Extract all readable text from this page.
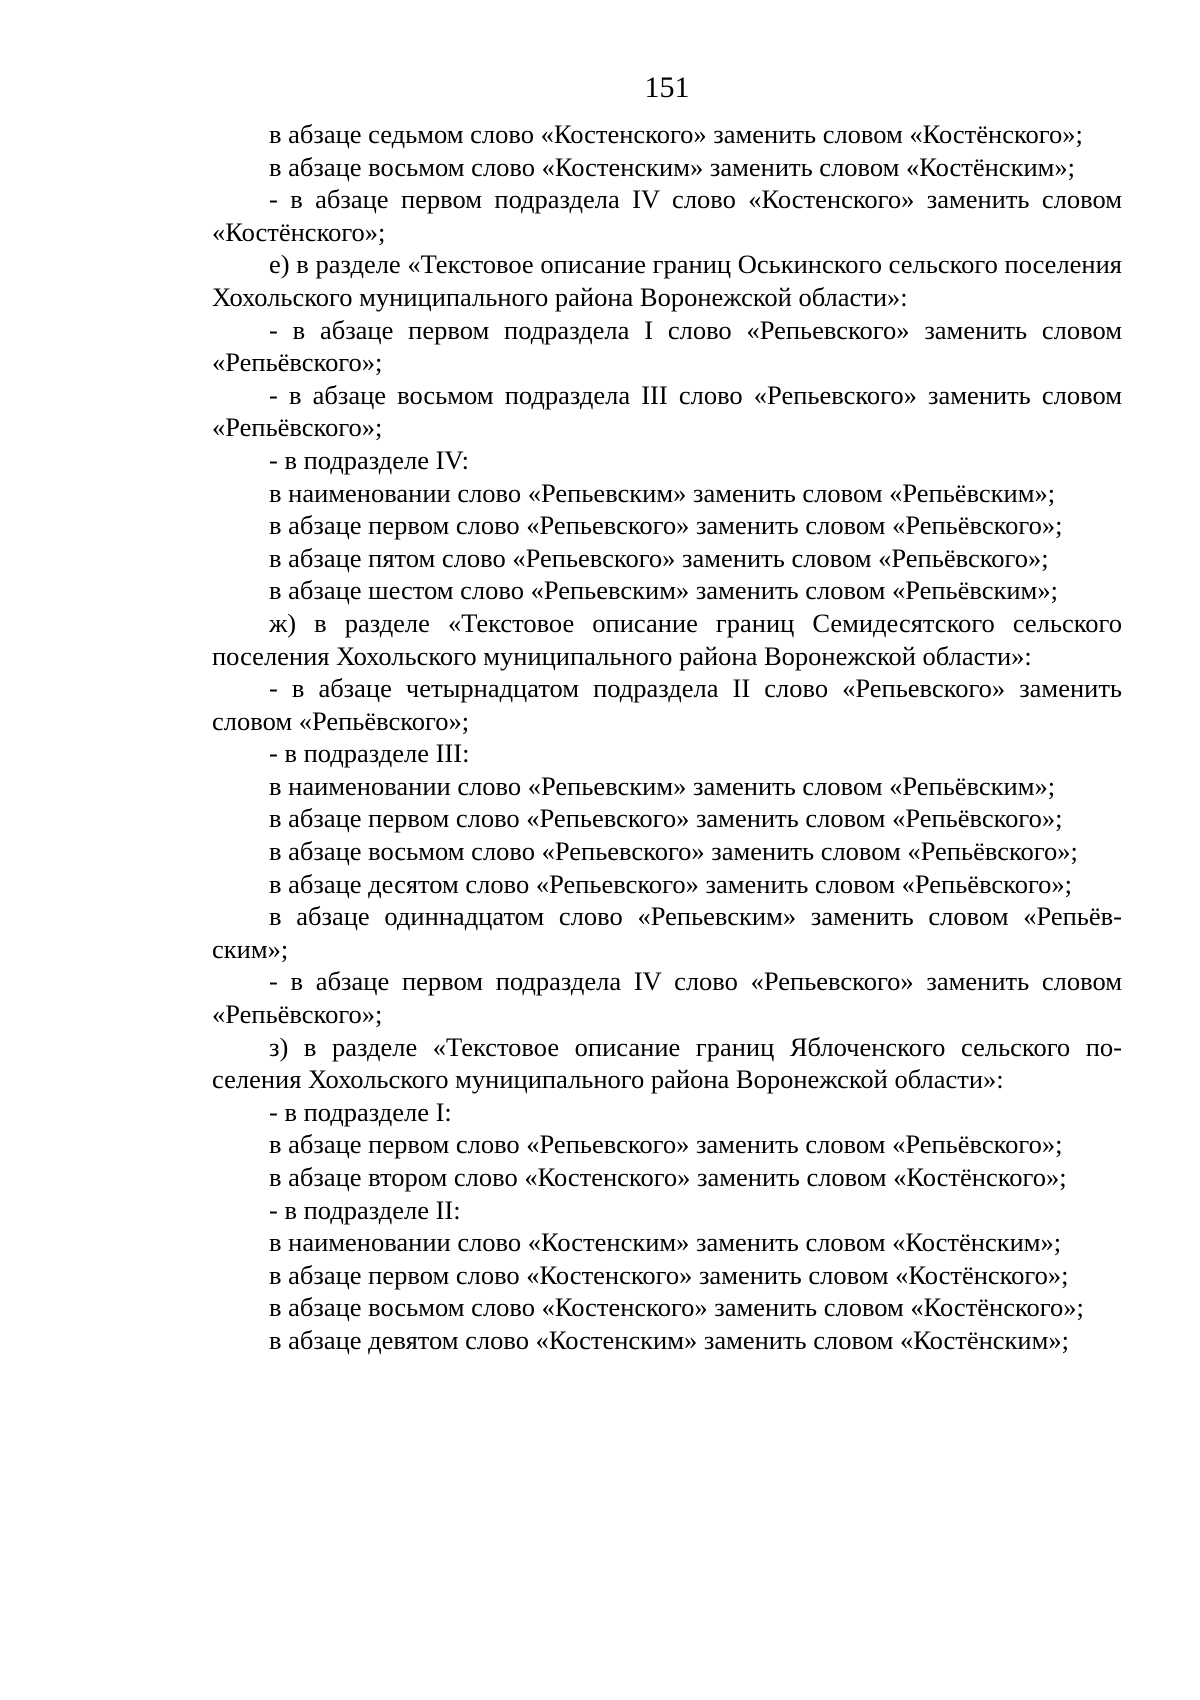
151

в абзаце седьмом слово «Костенского» заменить словом «Костёнского»;

в абзаце восьмом слово «Костенским» заменить словом «Костёнским»;

- в абзаце первом подраздела IV слово «Костенского» заменить словом «Костёнского»;

е) в разделе «Текстовое описание границ Оськинского сельского поселения Хохольского муниципального района Воронежской области»:

- в абзаце первом подраздела I слово «Репьевского» заменить словом «Репьёвского»;

- в абзаце восьмом подраздела III слово «Репьевского» заменить словом «Репьёвского»;

- в подразделе IV:

в наименовании слово «Репьевским» заменить словом «Репьёвским»;

в абзаце первом слово «Репьевского» заменить словом «Репьёвского»;

в абзаце пятом слово «Репьевского» заменить словом «Репьёвского»;

в абзаце шестом слово «Репьевским» заменить словом «Репьёвским»;

ж) в разделе «Текстовое описание границ Семидесятского сельского поселения Хохольского муниципального района Воронежской области»:

- в абзаце четырнадцатом подраздела II слово «Репьевского» заменить словом «Репьёвского»;

- в подразделе III:

в наименовании слово «Репьевским» заменить словом «Репьёвским»;

в абзаце первом слово «Репьевского» заменить словом «Репьёвского»;

в абзаце восьмом слово «Репьевского» заменить словом «Репьёвского»;

в абзаце десятом слово «Репьевского» заменить словом «Репьёвского»;

в абзаце одиннадцатом слово «Репьевским» заменить словом «Репьёвским»;

- в абзаце первом подраздела IV слово «Репьевского» заменить словом «Репьёвского»;

з) в разделе «Текстовое описание границ Яблоченского сельского поселения Хохольского муниципального района Воронежской области»:

- в подразделе I:

в абзаце первом слово «Репьевского» заменить словом «Репьёвского»;

в абзаце втором слово «Костенского» заменить словом «Костёнского»;

- в подразделе II:

в наименовании слово «Костенским» заменить словом «Костёнским»;

в абзаце первом слово «Костенского» заменить словом «Костёнского»;

в абзаце восьмом слово «Костенского» заменить словом «Костёнского»;

в абзаце девятом слово «Костенским» заменить словом «Костёнским»;
